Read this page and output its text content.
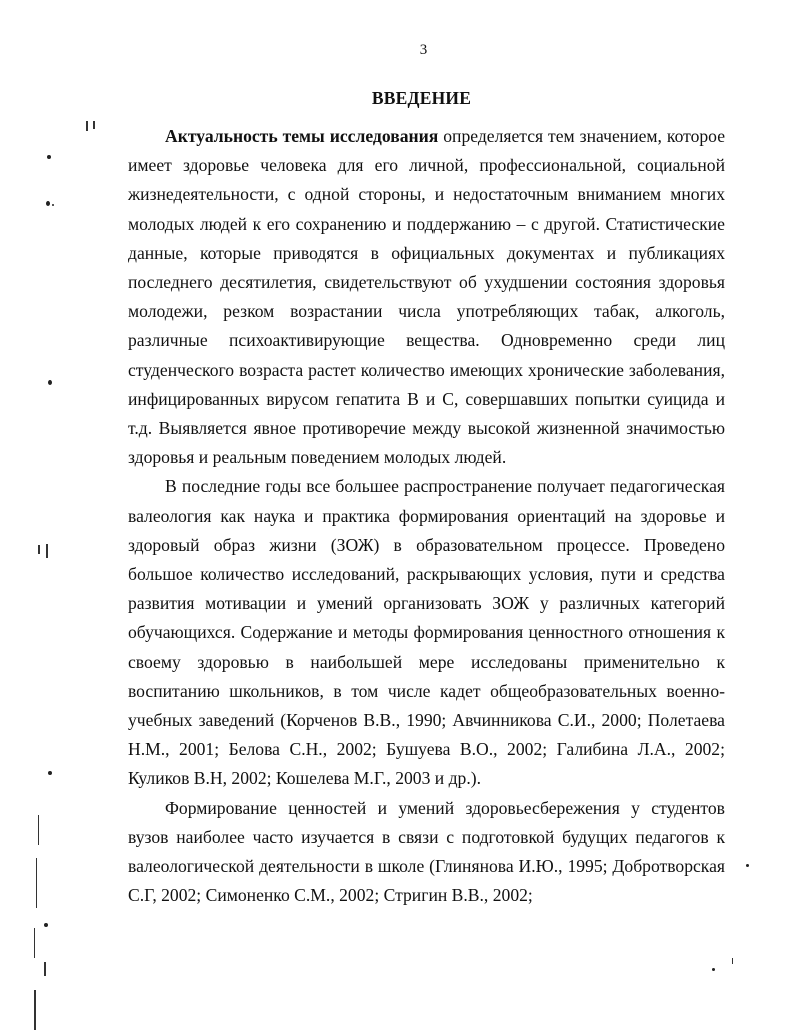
3
ВВЕДЕНИЕ

Актуальность темы исследования определяется тем значением, которое имеет здоровье человека для его личной, профессиональной, социальной жизнедеятельности, с одной стороны, и недостаточным вниманием многих молодых людей к его сохранению и поддержанию – с другой. Статистические данные, которые приводятся в официальных документах и публикациях последнего десятилетия, свидетельствуют об ухудшении состояния здоровья молодежи, резком возрастании числа употребляющих табак, алкоголь, различные психоактивирующие вещества. Одновременно среди лиц студенческого возраста растет количество имеющих хронические заболевания, инфицированных вирусом гепатита В и С, совершавших попытки суицида и т.д. Выявляется явное противоречие между высокой жизненной значимостью здоровья и реальным поведением молодых людей.

В последние годы все большее распространение получает педагогическая валеология как наука и практика формирования ориентаций на здоровье и здоровый образ жизни (ЗОЖ) в образовательном процессе. Проведено большое количество исследований, раскрывающих условия, пути и средства развития мотивации и умений организовать ЗОЖ у различных категорий обучающихся. Содержание и методы формирования ценностного отношения к своему здоровью в наибольшей мере исследованы применительно к воспитанию школьников, в том числе кадет общеобразовательных военно-учебных заведений (Корченов В.В., 1990; Авчинникова С.И., 2000; Полетаева Н.М., 2001; Белова С.Н., 2002; Бушуева В.О., 2002; Галибина Л.А., 2002; Куликов В.Н, 2002; Кошелева М.Г., 2003 и др.).

Формирование ценностей и умений здоровьесбережения у студентов вузов наиболее часто изучается в связи с подготовкой будущих педагогов к валеологической деятельности в школе (Глинянова И.Ю., 1995; Добротворская С.Г, 2002; Симоненко С.М., 2002; Стригин В.В., 2002;
